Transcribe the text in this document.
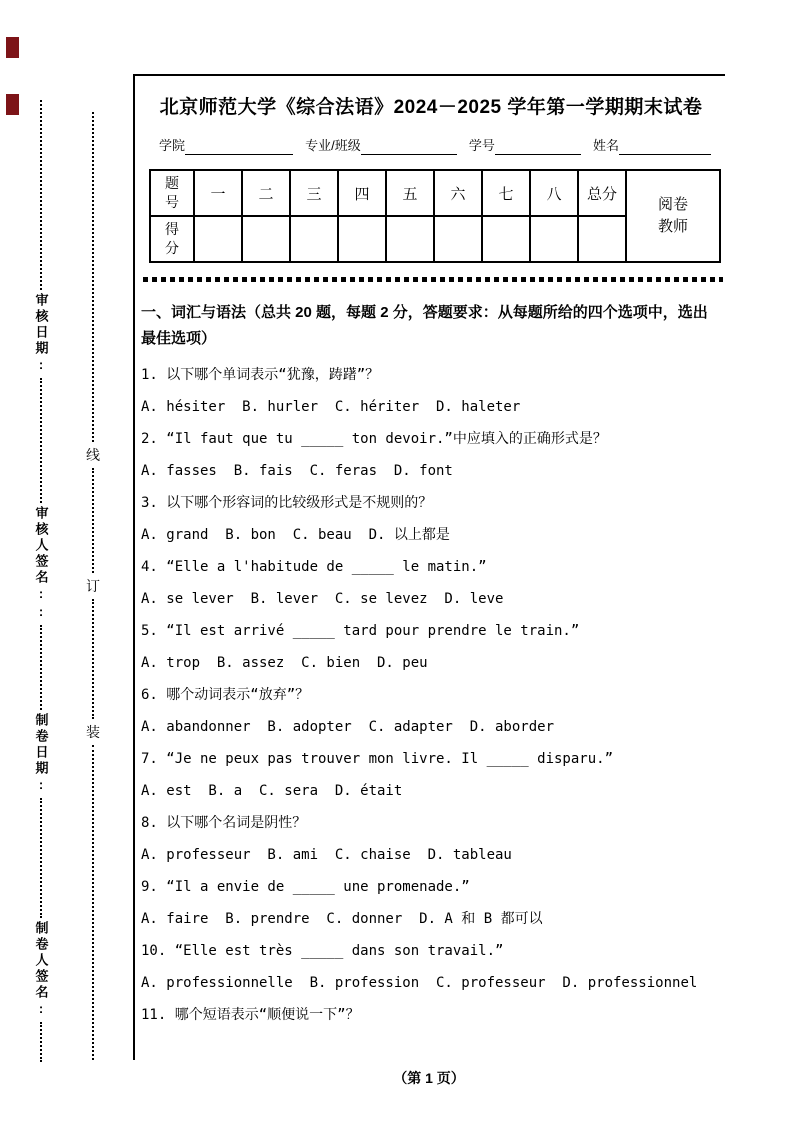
审核日期:
审核人签名::
制卷日期:
制卷人签名:
线
订
装
北京师范大学《综合法语》2024－2025 学年第一学期期末试卷
学院	专业/班级	学号	姓名
题号	一	二	三	四	五	六	七	八	总分	阅卷教师

得分										

一、词汇与语法（总共 20 题，每题 2 分，答题要求：从每题所给的四个选项中，选出最佳选项）

1. 以下哪个单词表示“犹豫，踌躇”？

A. hésiter  B. hurler  C. hériter  D. haleter

2. “Il faut que tu _____ ton devoir.”中应填入的正确形式是？

A. fasses  B. fais  C. feras  D. font

3. 以下哪个形容词的比较级形式是不规则的？

A. grand  B. bon  C. beau  D. 以上都是

4. “Elle a l'habitude de _____ le matin.”

A. se lever  B. lever  C. se levez  D. leve

5. “Il est arrivé _____ tard pour prendre le train.”

A. trop  B. assez  C. bien  D. peu

6. 哪个动词表示“放弃”？

A. abandonner  B. adopter  C. adapter  D. aborder

7. “Je ne peux pas trouver mon livre. Il _____ disparu.”

A. est  B. a  C. sera  D. était

8. 以下哪个名词是阴性？

A. professeur  B. ami  C. chaise  D. tableau

9. “Il a envie de _____ une promenade.”

A. faire  B. prendre  C. donner  D. A 和 B 都可以

10. “Elle est très _____ dans son travail.”

A. professionnelle  B. profession  C. professeur  D. professionnel

11. 哪个短语表示“顺便说一下”？

（第 1 页）
